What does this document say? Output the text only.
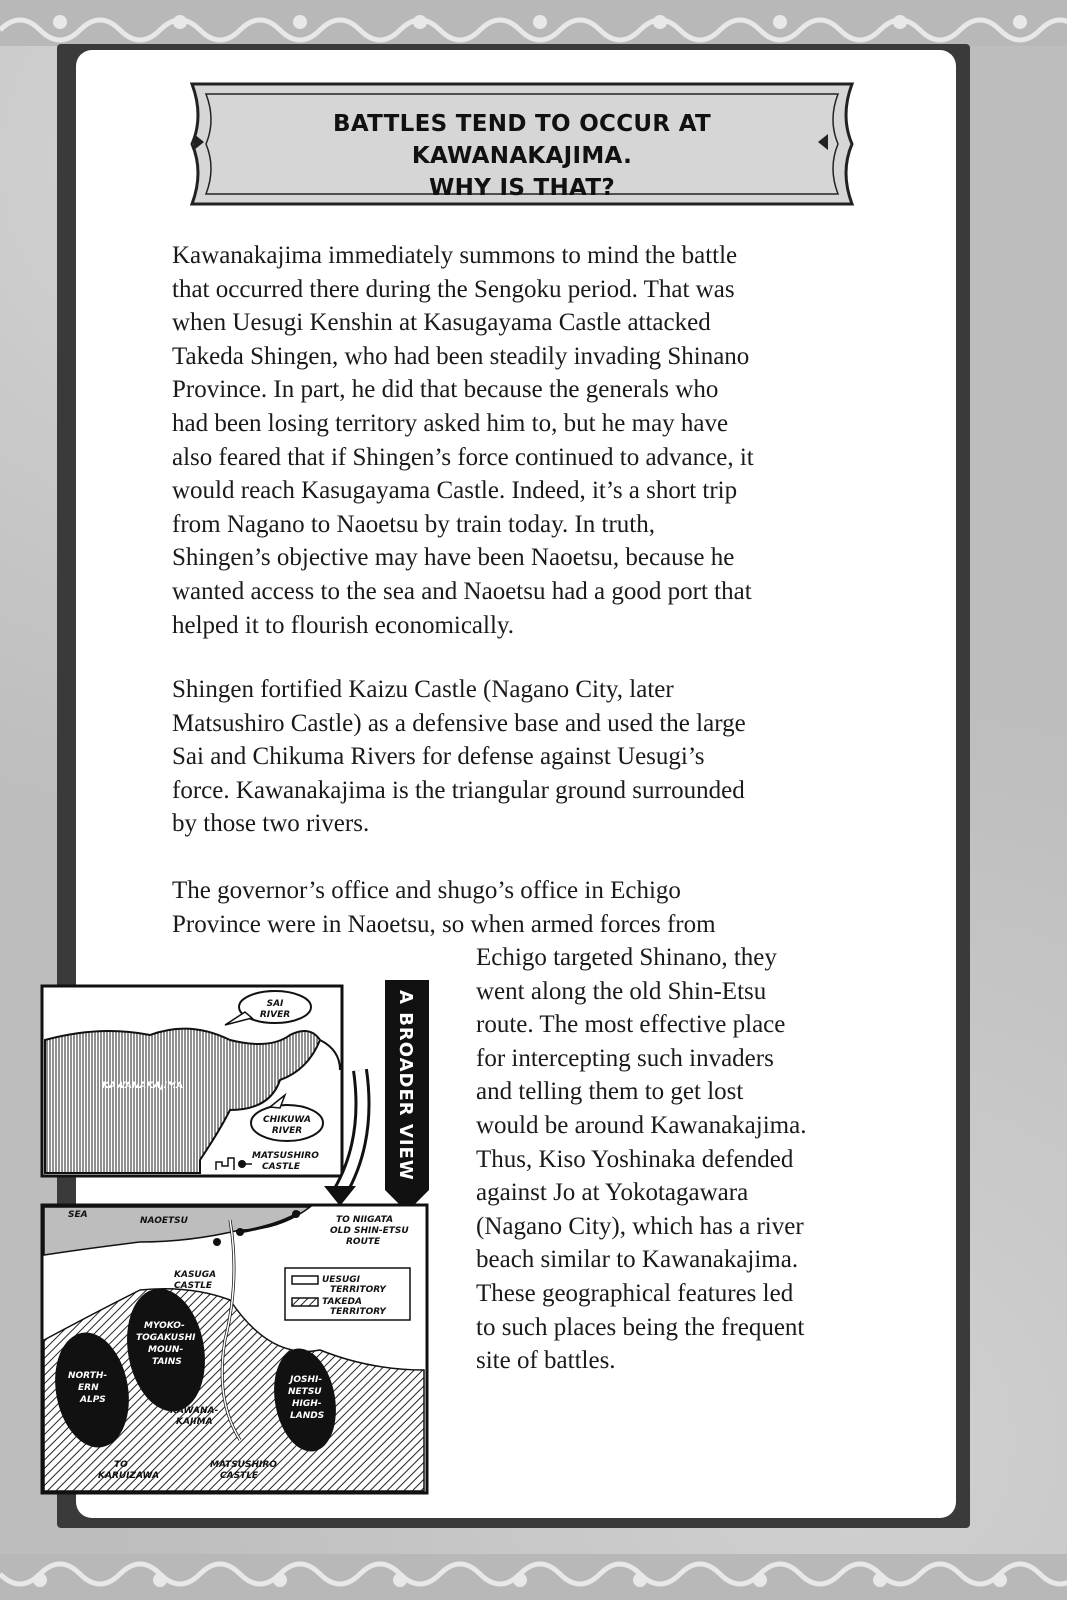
BATTLES TEND TO OCCUR AT KAWANAKAJIMA.
WHY IS THAT?
Kawanakajima immediately summons to mind the battle
that occurred there during the Sengoku period. That was
when Uesugi Kenshin at Kasugayama Castle attacked
Takeda Shingen, who had been steadily invading Shinano
Province. In part, he did that because the generals who
had been losing territory asked him to, but he may have
also feared that if Shingen’s force continued to advance, it
would reach Kasugayama Castle. Indeed, it’s a short trip
from Nagano to Naoetsu by train today. In truth,
Shingen’s objective may have been Naoetsu, because he
wanted access to the sea and Naoetsu had a good port that
helped it to flourish economically.
Shingen fortified Kaizu Castle (Nagano City, later
Matsushiro Castle) as a defensive base and used the large
Sai and Chikuma Rivers for defense against Uesugi’s
force. Kawanakajima is the triangular ground surrounded
by those two rivers.
The governor’s office and shugo’s office in Echigo
Province were in Naoetsu, so when armed forces from
Echigo targeted Shinano, they
went along the old Shin-Etsu
route. The most effective place
for intercepting such invaders
and telling them to get lost
would be around Kawanakajima.
Thus, Kiso Yoshinaka defended
against Jo at Yokotagawara
(Nagano City), which has a river
beach similar to Kawanakajima.
These geographical features led
to such places being the frequent
site of battles.
A BROADER VIEW
SAI
RIVER
KAWANAKAJIMA
CHIKUWA
RIVER
MATSUSHIRO
CASTLE
SEA
NAOETSU	TO NIIGATA
OLD SHIN-ETSU
ROUTE
KASUGA
CASTLE
UESUGI
TERRITORY
TAKEDA
TERRITORY
MYOKO-
TOGAKUSHI
MOUN-
TAINS
NORTH-
ERN
ALPS
JOSHI-
NETSU
HIGH-
LANDS
KAWANA-
KAJIMA
TO
KARUIZAWA
MATSUSHIRO
CASTLE
